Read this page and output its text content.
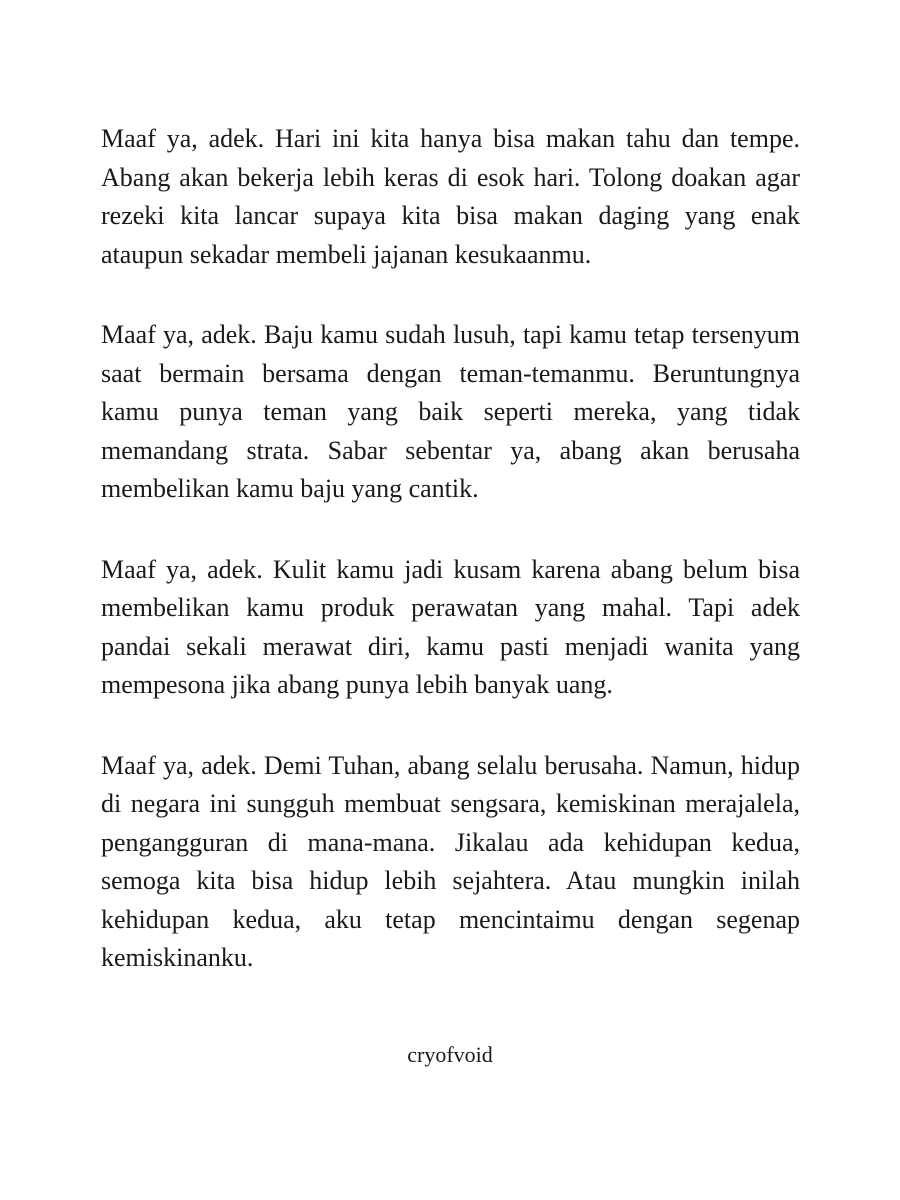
Maaf ya, adek. Hari ini kita hanya bisa makan tahu dan tempe. Abang akan bekerja lebih keras di esok hari. Tolong doakan agar rezeki kita lancar supaya kita bisa makan daging yang enak ataupun sekadar membeli jajanan kesukaanmu.

Maaf ya, adek. Baju kamu sudah lusuh, tapi kamu tetap tersenyum saat bermain bersama dengan teman-temanmu. Beruntungnya kamu punya teman yang baik seperti mereka, yang tidak memandang strata. Sabar sebentar ya, abang akan berusaha membelikan kamu baju yang cantik.

Maaf ya, adek. Kulit kamu jadi kusam karena abang belum bisa membelikan kamu produk perawatan yang mahal. Tapi adek pandai sekali merawat diri, kamu pasti menjadi wanita yang mempesona jika abang punya lebih banyak uang.

Maaf ya, adek. Demi Tuhan, abang selalu berusaha. Namun, hidup di negara ini sungguh membuat sengsara, kemiskinan merajalela, pengangguran di mana-mana. Jikalau ada kehidupan kedua, semoga kita bisa hidup lebih sejahtera. Atau mungkin inilah kehidupan kedua, aku tetap mencintaimu dengan segenap kemiskinanku.

cryofvoid
